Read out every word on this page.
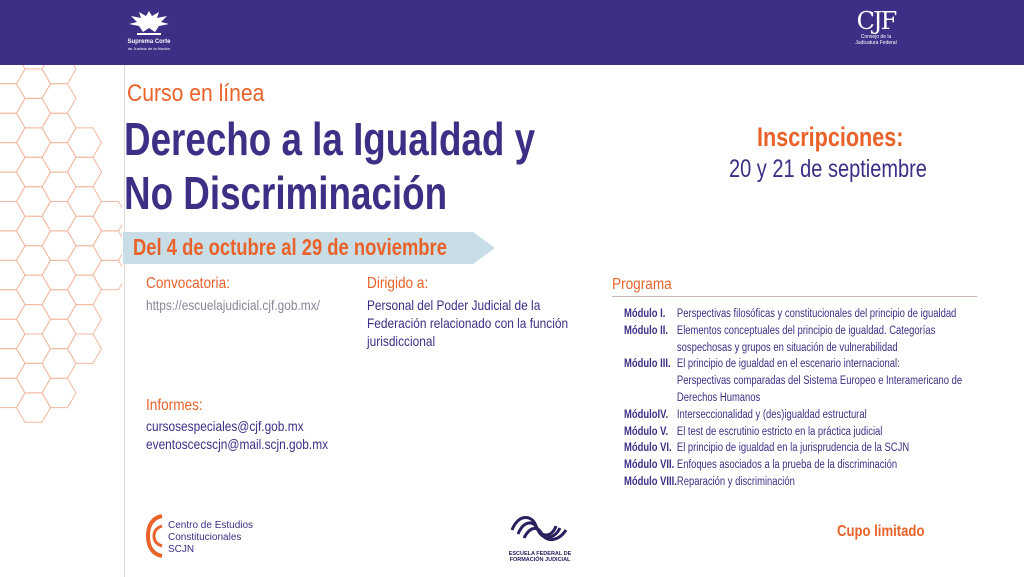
Suprema Corte
de Justicia de la Nación
CJF
Consejo de la
Judicatura Federal
Curso en línea
Derecho a la Igualdad y
No Discriminación
Del 4 de octubre al 29 de noviembre
Inscripciones:
20 y 21 de septiembre
Convocatoria:
https://escuelajudicial.cjf.gob.mx/
Dirigido a:
Personal del Poder Judicial de la
Federación relacionado con la función
jurisdiccional
Informes:
cursosespeciales@cjf.gob.mx
eventoscecscjn@mail.scjn.gob.mx
Programa
Módulo I.	Perspectivas filosóficas y constitucionales del principio de igualdad

Módulo II.	Elementos conceptuales del principio de igualdad. Categorías
sospechosas y grupos en situación de vulnerabilidad

Módulo III.	El principio de igualdad en el escenario internacional:
Perspectivas comparadas del Sistema Europeo e Interamericano de
Derechos Humanos

MóduloIV.	Interseccionalidad y (des)igualdad estructural

Módulo V.	El test de escrutinio estricto en la práctica judicial

Módulo VI.	El principio de igualdad en la jurisprudencia de la SCJN

Módulo VII.	Enfoques asociados a la prueba de la discriminación

Módulo VIII.	Reparación y discriminación
Centro de Estudios
Constitucionales
SCJN	ESCUELA FEDERAL DE
FORMACIÓN JUDICIAL
Cupo limitado
